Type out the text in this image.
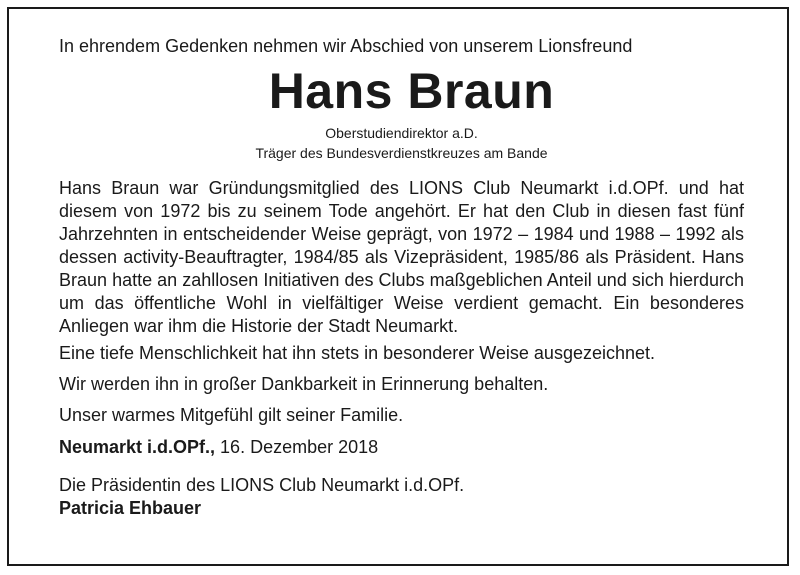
In ehrendem Gedenken nehmen wir Abschied von unserem Lionsfreund
Hans Braun
Oberstudiendirektor a.D.
Träger des Bundesverdienstkreuzes am Bande
Hans Braun war Gründungsmitglied des LIONS Club Neumarkt i.d.OPf. und hat diesem von 1972 bis zu seinem Tode angehört. Er hat den Club in diesen fast fünf Jahrzehnten in entscheidender Weise geprägt, von 1972 – 1984 und 1988 – 1992 als dessen activity-Beauftragter, 1984/85 als Vizepräsident, 1985/86 als Präsident. Hans Braun hatte an zahllosen Initiativen des Clubs maßgeblichen Anteil und sich hierdurch um das öffentliche Wohl in vielfältiger Weise verdient gemacht. Ein besonderes Anliegen war ihm die Historie der Stadt Neumarkt.
Eine tiefe Menschlichkeit hat ihn stets in besonderer Weise ausgezeichnet.
Wir werden ihn in großer Dankbarkeit in Erinnerung behalten.
Unser warmes Mitgefühl gilt seiner Familie.
Neumarkt i.d.OPf., 16. Dezember 2018
Die Präsidentin des LIONS Club Neumarkt i.d.OPf.
Patricia Ehbauer
